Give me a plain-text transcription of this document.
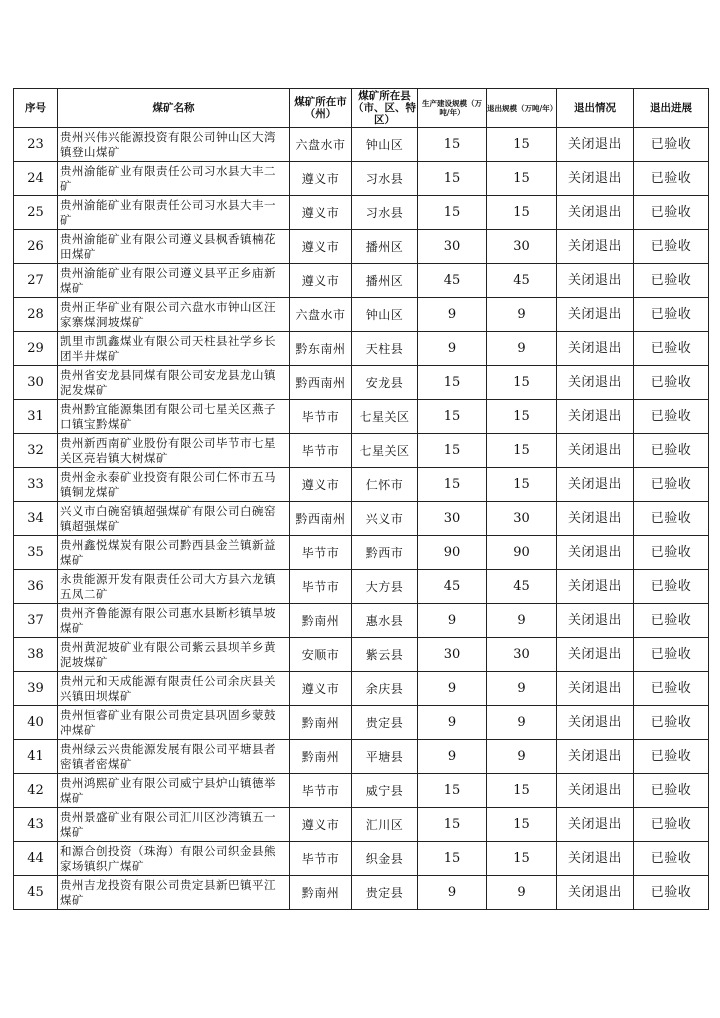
序号	煤矿名称	煤矿所在市（州）	煤矿所在县（市、区、特区）	生产建设规模（万吨/年）	退出规模（万吨/年）	退出情况	退出进展
23	贵州兴伟兴能源投资有限公司钟山区大湾镇登山煤矿	六盘水市	钟山区	15	15	关闭退出	已验收
24	贵州渝能矿业有限责任公司习水县大丰二矿	遵义市	习水县	15	15	关闭退出	已验收
25	贵州渝能矿业有限责任公司习水县大丰一矿	遵义市	习水县	15	15	关闭退出	已验收
26	贵州渝能矿业有限公司遵义县枫香镇楠花田煤矿	遵义市	播州区	30	30	关闭退出	已验收
27	贵州渝能矿业有限公司遵义县平正乡庙新煤矿	遵义市	播州区	45	45	关闭退出	已验收
28	贵州正华矿业有限公司六盘水市钟山区汪家寨煤洞坡煤矿	六盘水市	钟山区	9	9	关闭退出	已验收
29	凯里市凯鑫煤业有限公司天柱县社学乡长团半井煤矿	黔东南州	天柱县	9	9	关闭退出	已验收
30	贵州省安龙县同煤有限公司安龙县龙山镇泥发煤矿	黔西南州	安龙县	15	15	关闭退出	已验收
31	贵州黔宜能源集团有限公司七星关区燕子口镇宝黔煤矿	毕节市	七星关区	15	15	关闭退出	已验收
32	贵州新西南矿业股份有限公司毕节市七星关区亮岩镇大树煤矿	毕节市	七星关区	15	15	关闭退出	已验收
33	贵州金永泰矿业投资有限公司仁怀市五马镇铜龙煤矿	遵义市	仁怀市	15	15	关闭退出	已验收
34	兴义市白碗窑镇超强煤矿有限公司白碗窑镇超强煤矿	黔西南州	兴义市	30	30	关闭退出	已验收
35	贵州鑫悦煤炭有限公司黔西县金兰镇新益煤矿	毕节市	黔西市	90	90	关闭退出	已验收
36	永贵能源开发有限责任公司大方县六龙镇五凤二矿	毕节市	大方县	45	45	关闭退出	已验收
37	贵州齐鲁能源有限公司惠水县断杉镇旱坡煤矿	黔南州	惠水县	9	9	关闭退出	已验收
38	贵州黄泥坡矿业有限公司紫云县坝羊乡黄泥坡煤矿	安顺市	紫云县	30	30	关闭退出	已验收
39	贵州元和天成能源有限责任公司余庆县关兴镇田坝煤矿	遵义市	余庆县	9	9	关闭退出	已验收
40	贵州恒睿矿业有限公司贵定县巩固乡蒙鼓冲煤矿	黔南州	贵定县	9	9	关闭退出	已验收
41	贵州绿云兴贵能源发展有限公司平塘县者密镇者密煤矿	黔南州	平塘县	9	9	关闭退出	已验收
42	贵州鸿熙矿业有限公司威宁县炉山镇德举煤矿	毕节市	威宁县	15	15	关闭退出	已验收
43	贵州景盛矿业有限公司汇川区沙湾镇五一煤矿	遵义市	汇川区	15	15	关闭退出	已验收
44	和源合创投资（珠海）有限公司织金县熊家场镇织广煤矿	毕节市	织金县	15	15	关闭退出	已验收
45	贵州吉龙投资有限公司贵定县新巴镇平江煤矿	黔南州	贵定县	9	9	关闭退出	已验收
